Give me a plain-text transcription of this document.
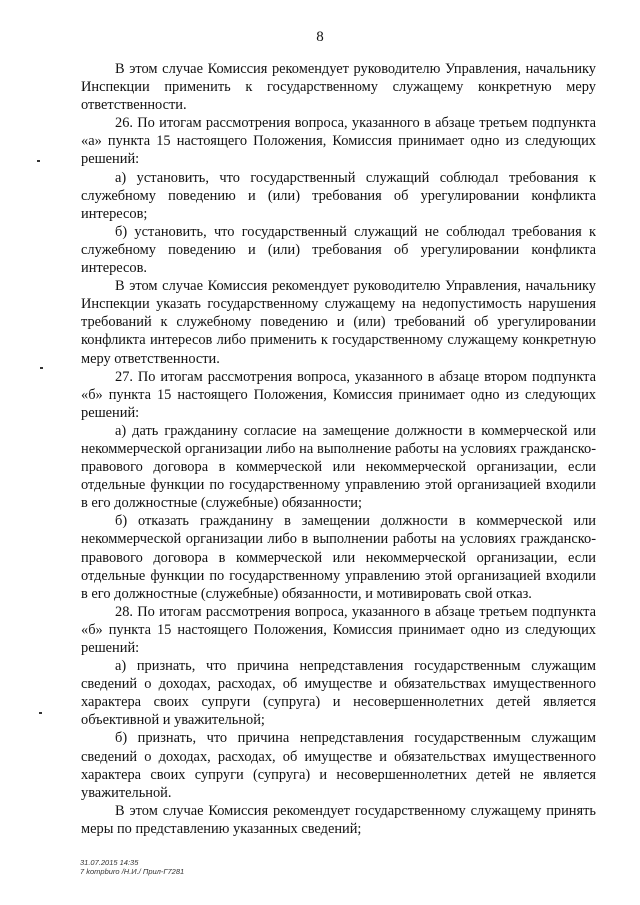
8

В этом случае Комиссия рекомендует руководителю Управления, начальнику Инспекции применить к государственному служащему конкретную меру ответственности.

26. По итогам рассмотрения вопроса, указанного в абзаце третьем подпункта «а» пункта 15 настоящего Положения, Комиссия принимает одно из следующих решений:

а) установить, что государственный служащий соблюдал требования к служебному поведению и (или) требования об урегулировании конфликта интересов;

б) установить, что государственный служащий не соблюдал требования к служебному поведению и (или) требования об урегулировании конфликта интересов.

В этом случае Комиссия рекомендует руководителю Управления, начальнику Инспекции указать государственному служащему на недопустимость нарушения требований к служебному поведению и (или) требований об урегулировании конфликта интересов либо применить к государственному служащему конкретную меру ответственности.

27. По итогам рассмотрения вопроса, указанного в абзаце втором подпункта «б» пункта 15 настоящего Положения, Комиссия принимает одно из следующих решений:

а) дать гражданину согласие на замещение должности в коммерческой или некоммерческой организации либо на выполнение работы на условиях гражданско-правового договора в коммерческой или некоммерческой организации, если отдельные функции по государственному управлению этой организацией входили в его должностные (служебные) обязанности;

б) отказать гражданину в замещении должности в коммерческой или некоммерческой организации либо в выполнении работы на условиях гражданско-правового договора в коммерческой или некоммерческой организации, если отдельные функции по государственному управлению этой организацией входили в его должностные (служебные) обязанности, и мотивировать свой отказ.

28. По итогам рассмотрения вопроса, указанного в абзаце третьем подпункта «б» пункта 15 настоящего Положения, Комиссия принимает одно из следующих решений:

а) признать, что причина непредставления государственным служащим сведений о доходах, расходах, об имуществе и обязательствах имущественного характера своих супруги (супруга) и несовершеннолетних детей является объективной и уважительной;

б) признать, что причина непредставления государственным служащим сведений о доходах, расходах, об имуществе и обязательствах имущественного характера своих супруги (супруга) и несовершеннолетних детей не является уважительной.

В этом случае Комиссия рекомендует государственному служащему принять меры по представлению указанных сведений;

31.07.2015 14:35
7 kompburo /Н.И./ Прил-Г7281
